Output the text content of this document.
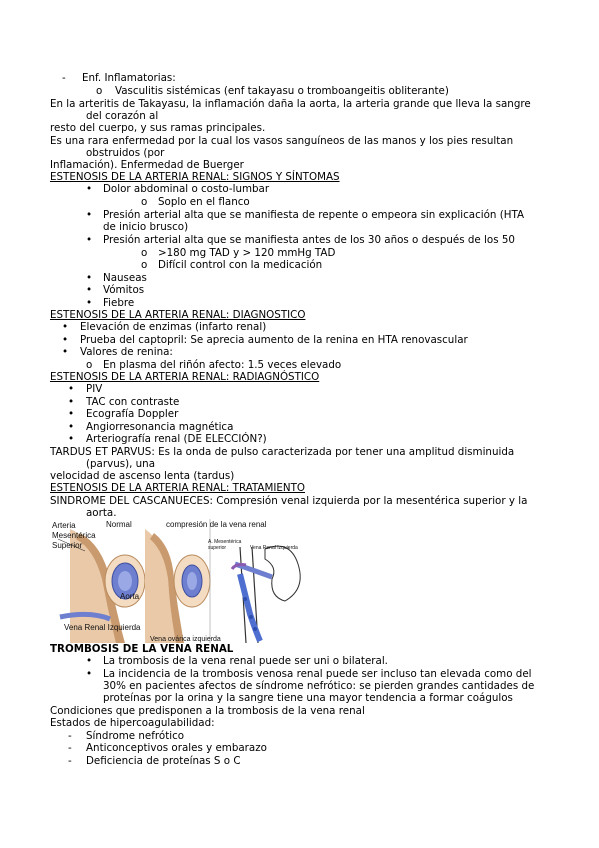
- Enf. Inflamatorias:
o Vasculitis sistémicas (enf takayasu o tromboangeitis obliterante)
En la arteritis de Takayasu, la inflamación daña la aorta, la arteria grande que lleva la sangre
del corazón al
resto del cuerpo, y sus ramas principales.
Es una rara enfermedad por la cual los vasos sanguíneos de las manos y los pies resultan
obstruidos (por
Inflamación). Enfermedad de Buerger
ESTENOSIS DE LA ARTERIA RENAL: SIGNOS Y SÍNTOMAS
• Dolor abdominal o costo-lumbar
o Soplo en el flanco
• Presión arterial alta que se manifiesta de repente o empeora sin explicación (HTA
de inicio brusco)
• Presión arterial alta que se manifiesta antes de los 30 años o después de los 50
o >180 mg TAD y > 120 mmHg TAD
o Difícil control con la medicación
• Nauseas
• Vómitos
• Fiebre
ESTENOSIS DE LA ARTERIA RENAL: DIAGNOSTICO
• Elevación de enzimas (infarto renal)
• Prueba del captopril: Se aprecia aumento de la renina en HTA renovascular
• Valores de renina:
o En plasma del riñón afecto: 1.5 veces elevado
ESTENOSIS DE LA ARTERIA RENAL: RADIAGNÓSTICO
• PIV
• TAC con contraste
• Ecografía Doppler
• Angiorresonancia magnética
• Arteriografía renal (DE ELECCIÓN?)
TARDUS ET PARVUS: Es la onda de pulso caracterizada por tener una amplitud disminuida
(parvus), una
velocidad de ascenso lenta (tardus)
ESTENOSIS DE LA ARTERIA RENAL: TRATAMIENTO
SINDROME DEL CASCANUECES: Compresión venal izquierda por la mesentérica superior y la
aorta.
Arteria
Mesentérica
Superior
Normal	compresión de la vena renal
Aorta
Vena Renal Izquierda
A. Mesentérica
superior	Vena Renal Izquierda
Vena ovárica izquierda
TROMBOSIS DE LA VENA RENAL
• La trombosis de la vena renal puede ser uni o bilateral.
• La incidencia de la trombosis venosa renal puede ser incluso tan elevada como del
30% en pacientes afectos de síndrome nefrótico: se pierden grandes cantidades de
proteínas por la orina y la sangre tiene una mayor tendencia a formar coágulos
Condiciones que predisponen a la trombosis de la vena renal
Estados de hipercoagulabilidad:
- Síndrome nefrótico
- Anticonceptivos orales y embarazo
- Deficiencia de proteínas S o C
